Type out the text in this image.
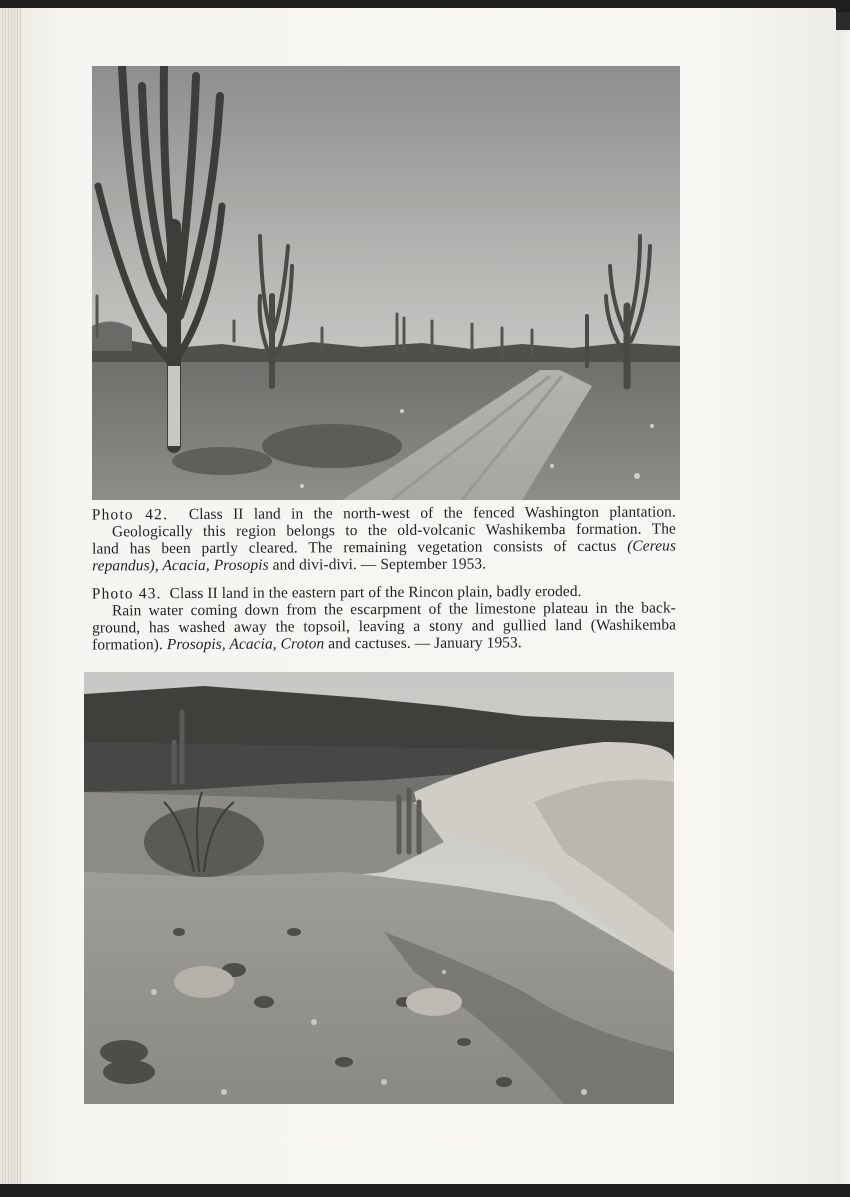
Photo 42. Class II land in the north-west of the fenced Washington plantation.
Geologically this region belongs to the old-volcanic Washikemba formation. The
land has been partly cleared. The remaining vegetation consists of cactus (Cereus
repandus), Acacia, Prosopis and divi-divi. — September 1953.
Photo 43. Class II land in the eastern part of the Rincon plain, badly eroded.
Rain water coming down from the escarpment of the limestone plateau in the back-
ground, has washed away the topsoil, leaving a stony and gullied land (Washikemba
formation). Prosopis, Acacia, Croton and cactuses. — January 1953.
